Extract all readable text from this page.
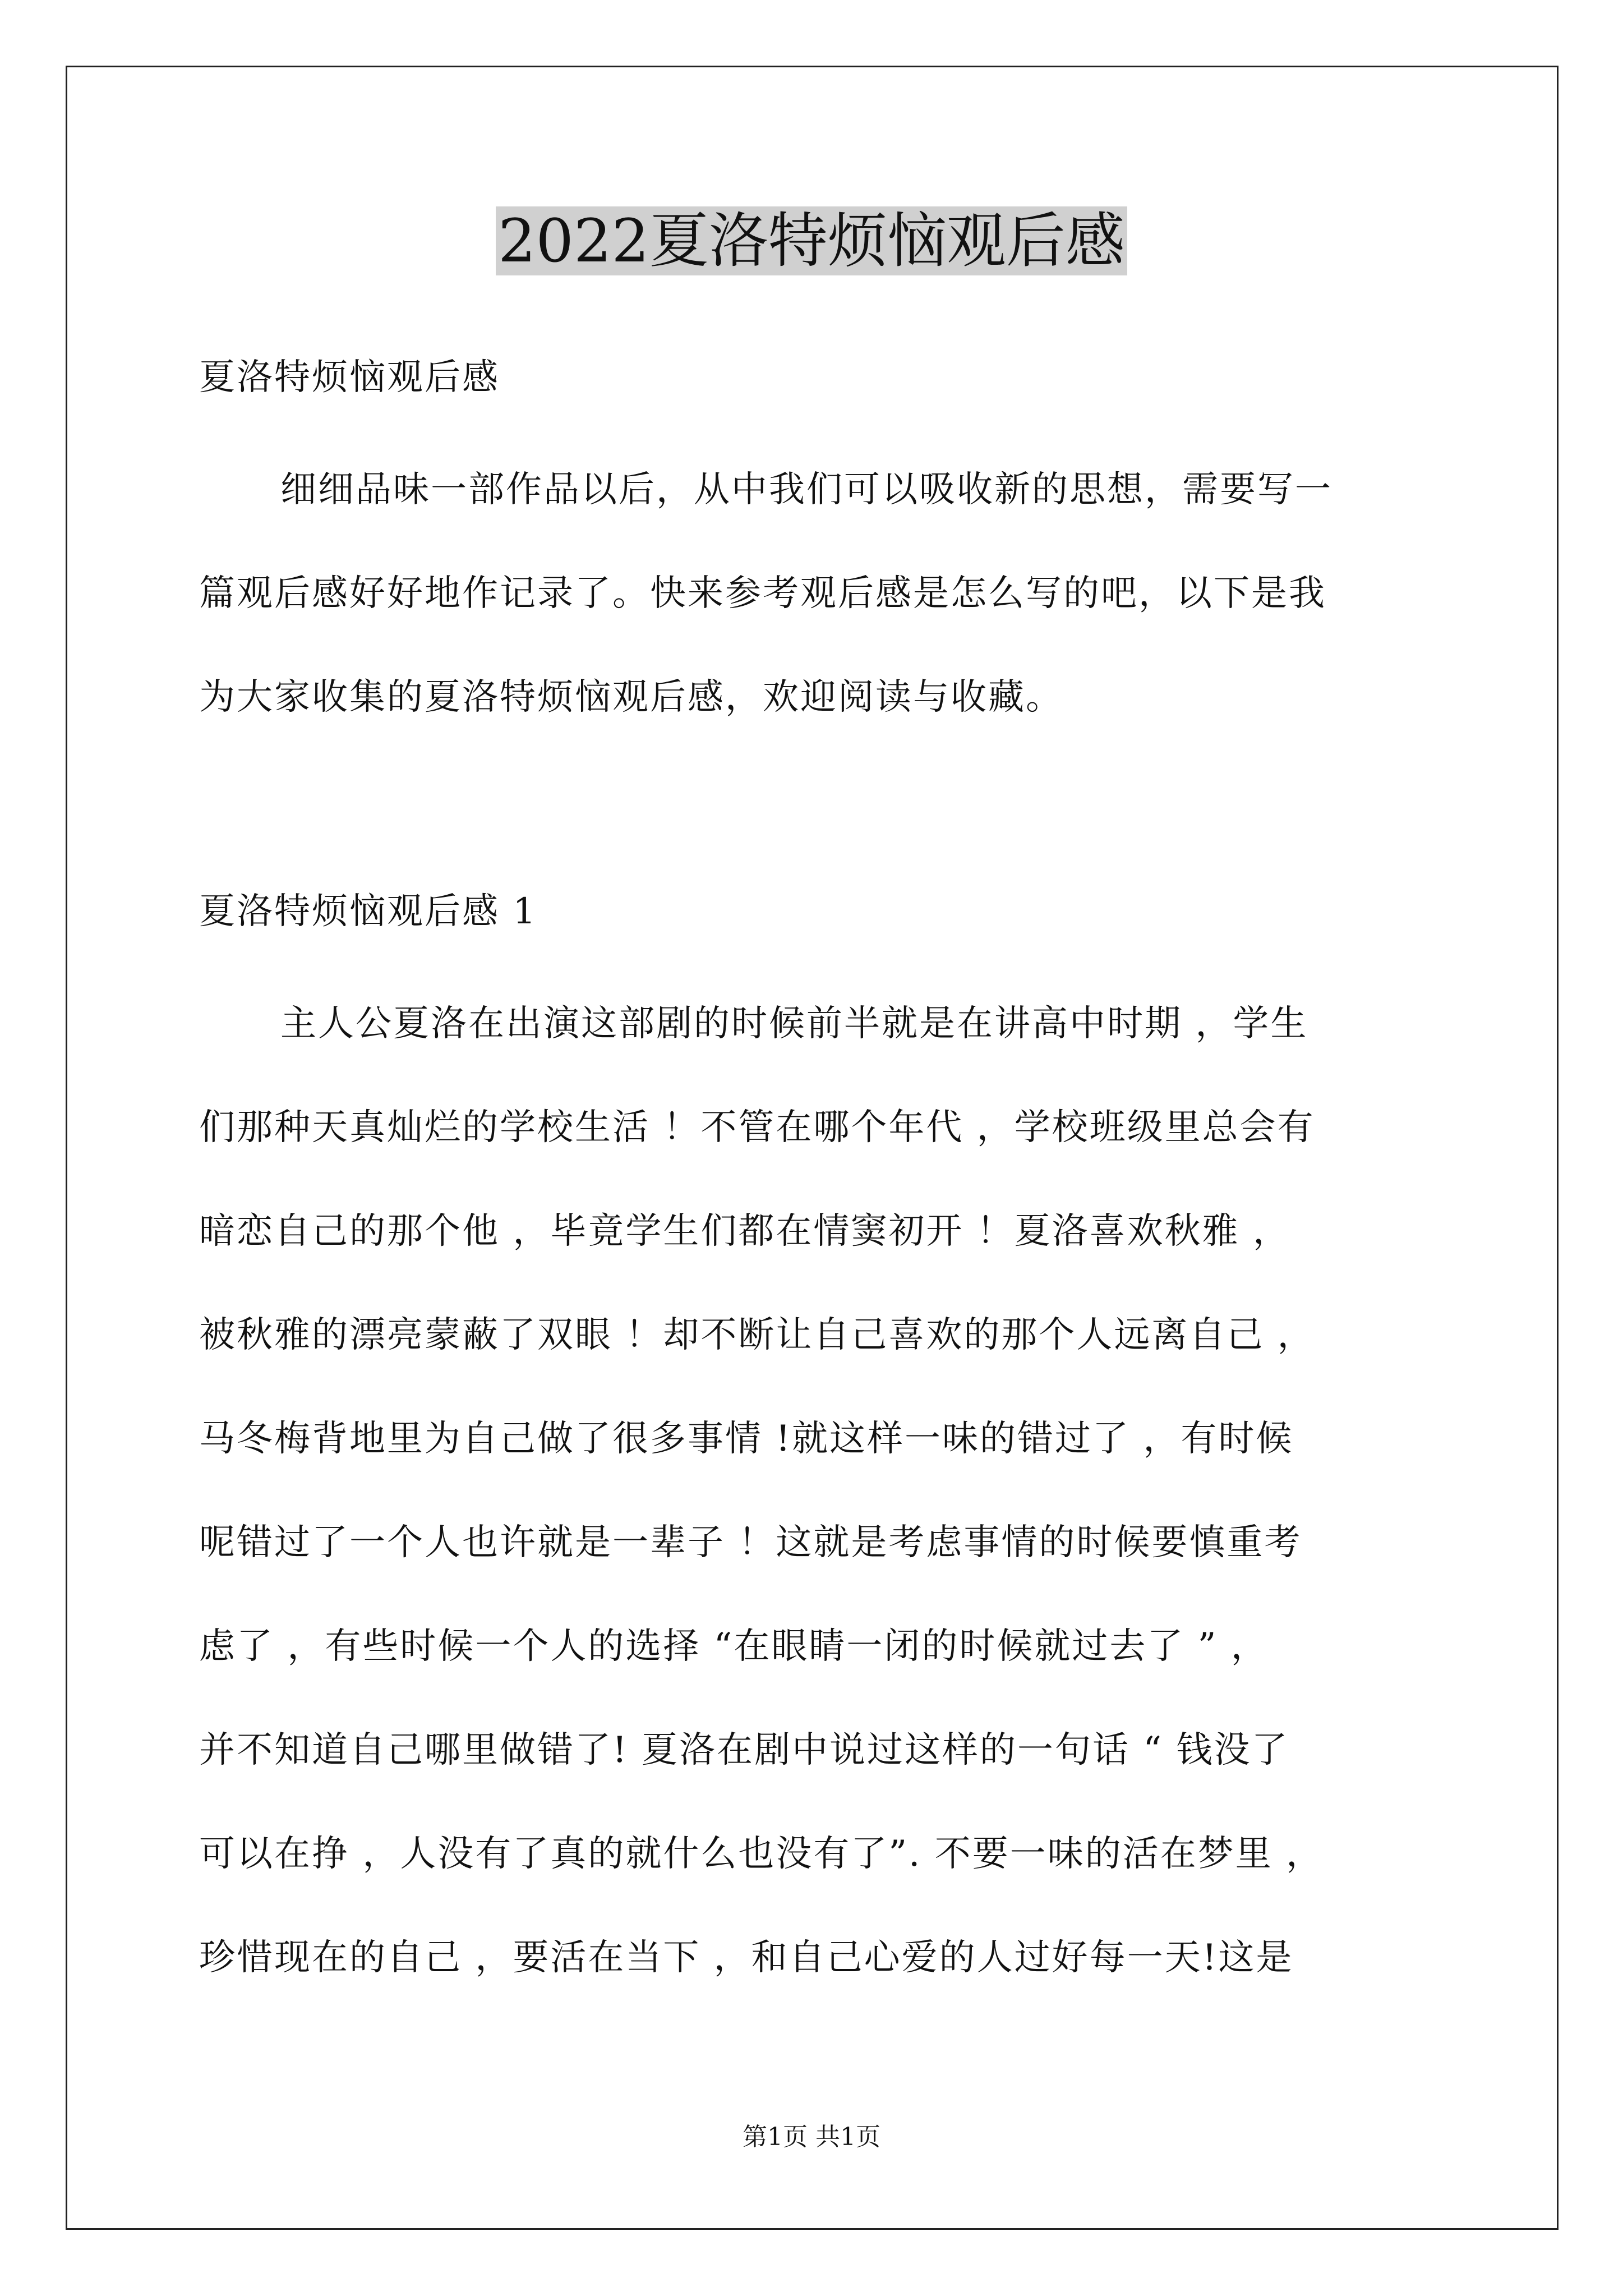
2022夏洛特烦恼观后感
夏洛特烦恼观后感
细细品味一部作品以后，从中我们可以吸收新的思想，需要写一
篇观后感好好地作记录了。快来参考观后感是怎么写的吧，以下是我
为大家收集的夏洛特烦恼观后感，欢迎阅读与收藏。
夏洛特烦恼观后感 1
主人公夏洛在出演这部剧的时候前半就是在讲高中时期 ，学生
们那种天真灿烂的学校生活 ！不管在哪个年代 ，学校班级里总会有
暗恋自己的那个他 ，毕竟学生们都在情窦初开 ！夏洛喜欢秋雅 ，
被秋雅的漂亮蒙蔽了双眼 ！却不断让自己喜欢的那个人远离自己 ，
马冬梅背地里为自己做了很多事情 !就这样一味的错过了 ，有时候
呢错过了一个人也许就是一辈子 ！这就是考虑事情的时候要慎重考
虑了 ，有些时候一个人的选择 “在眼睛一闭的时候就过去了 ” ，
并不知道自己哪里做错了! 夏洛在剧中说过这样的一句话 “ 钱没了
可以在挣 ，人没有了真的就什么也没有了”. 不要一味的活在梦里 ，
珍惜现在的自己 ，要活在当下 ，和自己心爱的人过好每一天!这是
第1页 共1页
